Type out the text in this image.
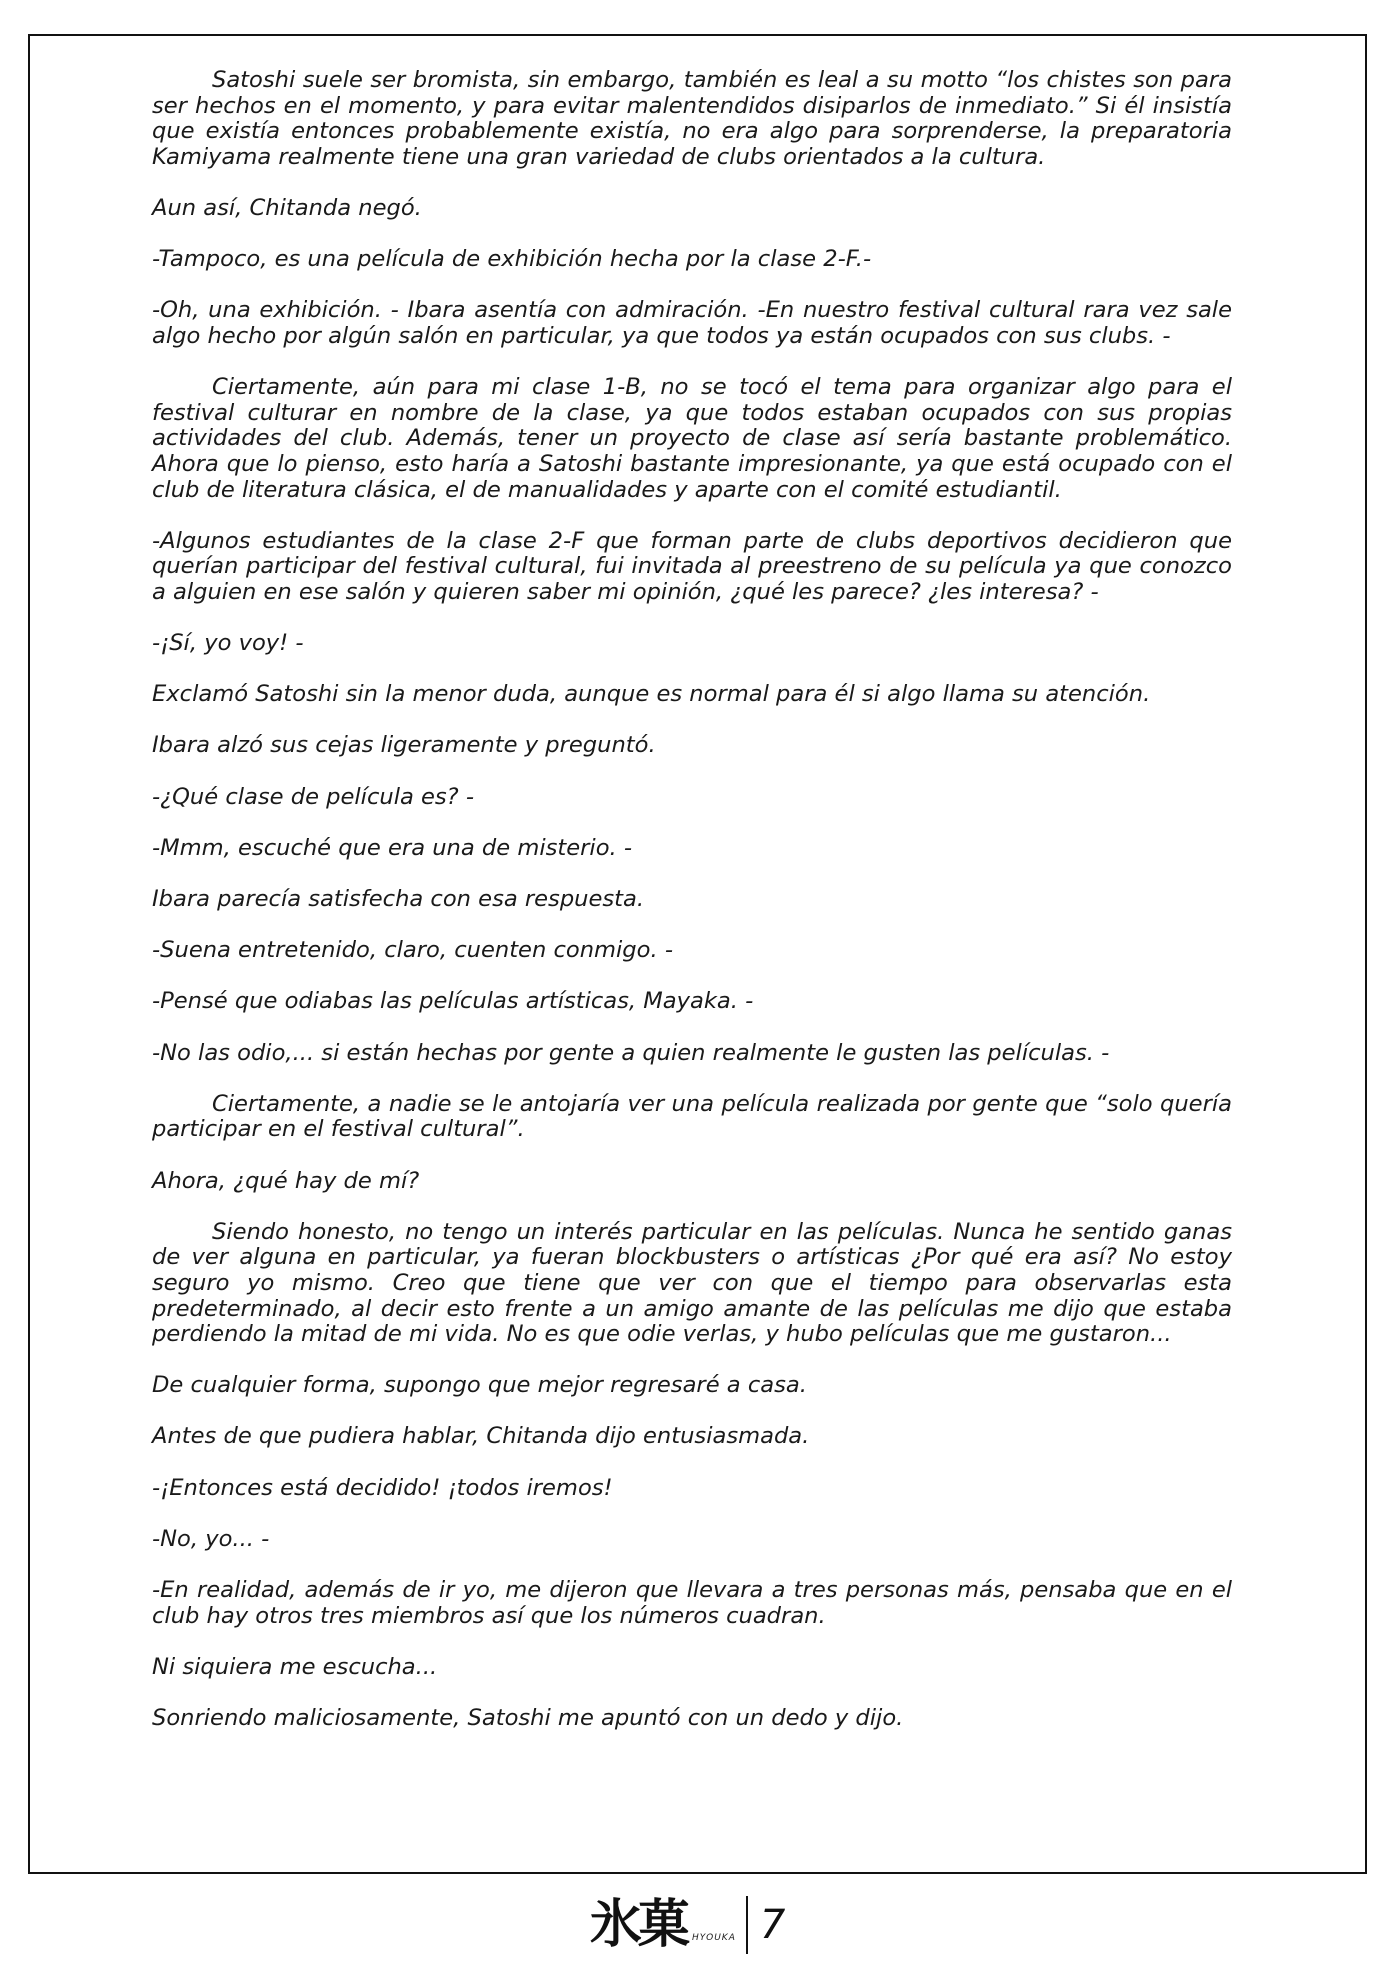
Satoshi suele ser bromista, sin embargo, también es leal a su motto “los chistes son para ser hechos en el momento, y para evitar malentendidos disiparlos de inmediato.” Si él insistía que existía entonces probablemente existía, no era algo para sorprenderse, la preparatoria Kamiyama realmente tiene una gran variedad de clubs orientados a la cultura.

Aun así, Chitanda negó.

-Tampoco, es una película de exhibición hecha por la clase 2-F.-

-Oh, una exhibición. - Ibara asentía con admiración. -En nuestro festival cultural rara vez sale algo hecho por algún salón en particular, ya que todos ya están ocupados con sus clubs. -

Ciertamente, aún para mi clase 1-B, no se tocó el tema para organizar algo para el festival culturar en nombre de la clase, ya que todos estaban ocupados con sus propias actividades del club. Además, tener un proyecto de clase así sería bastante problemático. Ahora que lo pienso, esto haría a Satoshi bastante impresionante, ya que está ocupado con el club de literatura clásica, el de manualidades y aparte con el comité estudiantil.

-Algunos estudiantes de la clase 2-F que forman parte de clubs deportivos decidieron que querían participar del festival cultural, fui invitada al preestreno de su película ya que conozco a alguien en ese salón y quieren saber mi opinión, ¿qué les parece? ¿les interesa? -

-¡Sí, yo voy! -

Exclamó Satoshi sin la menor duda, aunque es normal para él si algo llama su atención.

Ibara alzó sus cejas ligeramente y preguntó.

-¿Qué clase de película es? -

-Mmm, escuché que era una de misterio. -

Ibara parecía satisfecha con esa respuesta.

-Suena entretenido, claro, cuenten conmigo. -

-Pensé que odiabas las películas artísticas, Mayaka. -

-No las odio,... si están hechas por gente a quien realmente le gusten las películas. -

Ciertamente, a nadie se le antojaría ver una película realizada por gente que “solo quería participar en el festival cultural”.

Ahora, ¿qué hay de mí?

Siendo honesto, no tengo un interés particular en las películas. Nunca he sentido ganas de ver alguna en particular, ya fueran blockbusters o artísticas ¿Por qué era así? No estoy seguro yo mismo. Creo que tiene que ver con que el tiempo para observarlas esta predeterminado, al decir esto frente a un amigo amante de las películas me dijo que estaba perdiendo la mitad de mi vida. No es que odie verlas, y hubo películas que me gustaron...

De cualquier forma, supongo que mejor regresaré a casa.

Antes de que pudiera hablar, Chitanda dijo entusiasmada.

-¡Entonces está decidido! ¡todos iremos!

-No, yo... -

-En realidad, además de ir yo, me dijeron que llevara a tres personas más, pensaba que en el club hay otros tres miembros así que los números cuadran.

Ni siquiera me escucha...

Sonriendo maliciosamente, Satoshi me apuntó con un dedo y dijo.

氷菓 HYOUKA 7
